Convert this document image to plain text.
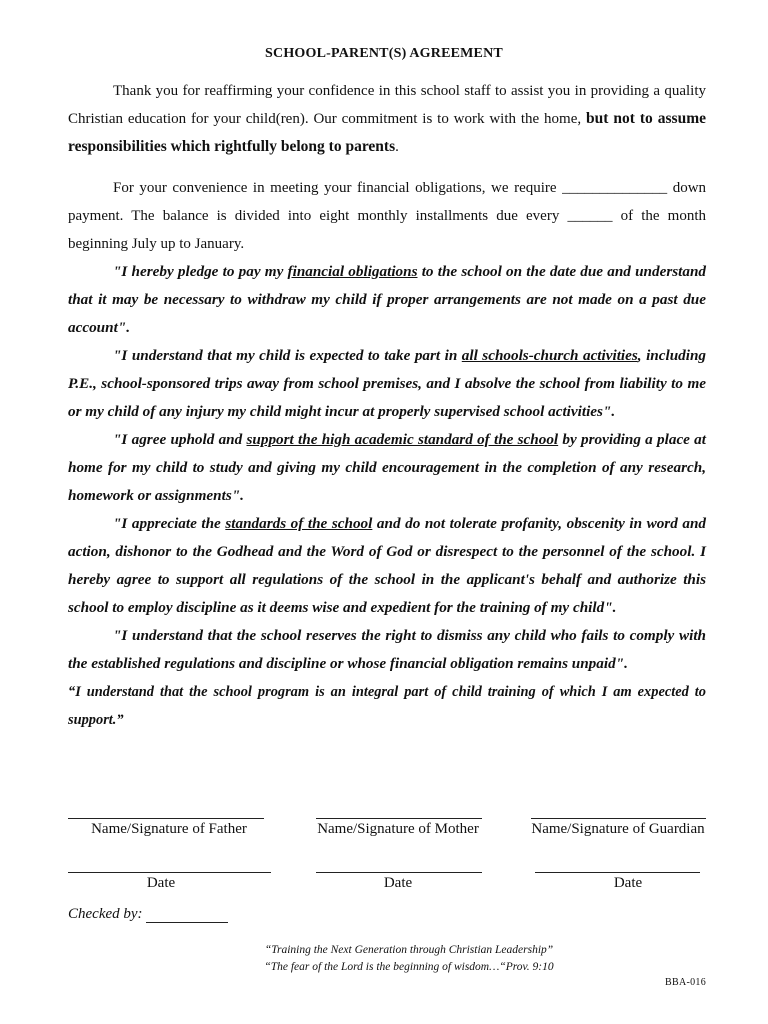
SCHOOL-PARENT(S) AGREEMENT

Thank you for reaffirming your confidence in this school staff to assist you in providing a quality Christian education for your child(ren). Our commitment is to work with the home, but not to assume responsibilities which rightfully belong to parents.

For your convenience in meeting your financial obligations, we require ______________ down payment. The balance is divided into eight monthly installments due every ______ of the month beginning July up to January.

"I hereby pledge to pay my financial obligations to the school on the date due and understand that it may be necessary to withdraw my child if proper arrangements are not made on a past due account".

"I understand that my child is expected to take part in all schools-church activities, including P.E., school-sponsored trips away from school premises, and I absolve the school from liability to me or my child of any injury my child might incur at properly supervised school activities".

"I agree uphold and support the high academic standard of the school by providing a place at home for my child to study and giving my child encouragement in the completion of any research, homework or assignments".

"I appreciate the standards of the school and do not tolerate profanity, obscenity in word and action, dishonor to the Godhead and the Word of God or disrespect to the personnel of the school. I hereby agree to support all regulations of the school in the applicant's behalf and authorize this school to employ discipline as it deems wise and expedient for the training of my child".

"I understand that the school reserves the right to dismiss any child who fails to comply with the established regulations and discipline or whose financial obligation remains unpaid".

“I understand that the school program is an integral part of child training of which I am expected to support.”

Name/Signature of Father	Name/Signature of Mother	Name/Signature of Guardian
Date	Date	Date
Checked by:
“Training the Next Generation through Christian Leadership”
“The fear of the Lord is the beginning of wisdom…“Prov. 9:10
BBA-016
